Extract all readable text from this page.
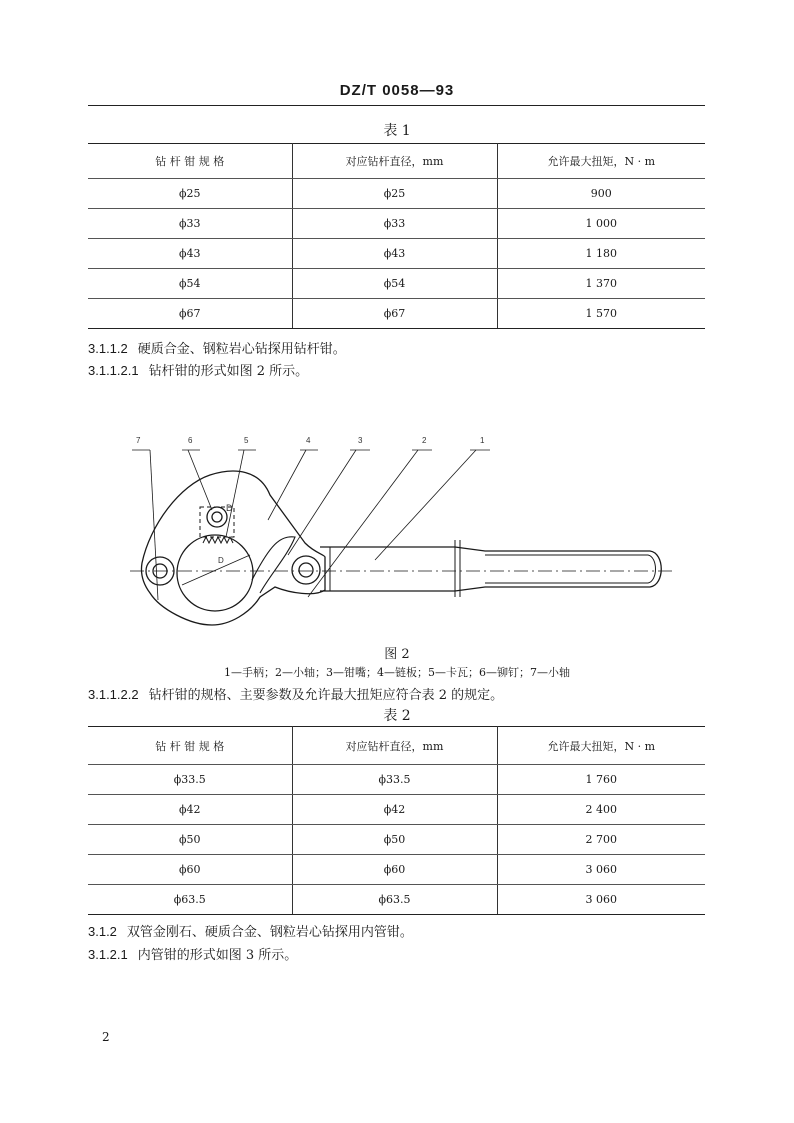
DZ/T 0058—93
表 1
钻 杆 钳 规 格	对应钻杆直径，mm	允许最大扭矩，N · m
ϕ25	ϕ25	900
ϕ33	ϕ33	1 000
ϕ43	ϕ43	1 180
ϕ54	ϕ54	1 370
ϕ67	ϕ67	1 570
3.1.1.2 硬质合金、钢粒岩心钻探用钻杆钳。
3.1.1.2.1 钻杆钳的形式如图 2 所示。
7	6	5	4	3	2	1
D
D
图 2
1—手柄；2—小轴；3—钳嘴；4—链板；5—卡瓦；6—铆钉；7—小轴
3.1.1.2.2 钻杆钳的规格、主要参数及允许最大扭矩应符合表 2 的规定。
表 2
钻 杆 钳 规 格	对应钻杆直径，mm	允许最大扭矩，N · m
ϕ33.5	ϕ33.5	1 760
ϕ42	ϕ42	2 400
ϕ50	ϕ50	2 700
ϕ60	ϕ60	3 060
ϕ63.5	ϕ63.5	3 060
3.1.2 双管金刚石、硬质合金、钢粒岩心钻探用内管钳。
3.1.2.1 内管钳的形式如图 3 所示。
2
